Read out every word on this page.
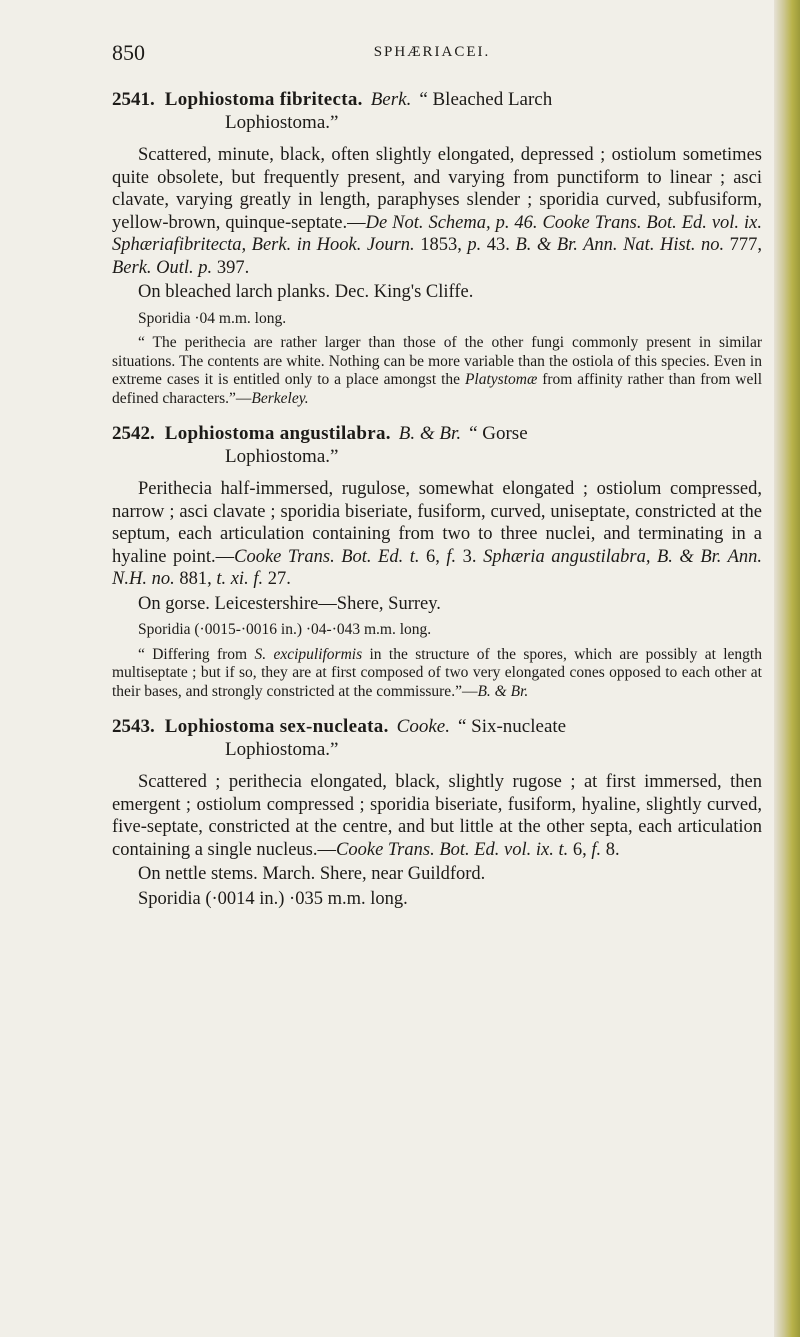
850	SPHÆRIACEI.
2541. Lophiostoma fibritecta. Berk. “ Bleached Larch
Lophiostoma.”

Scattered, minute, black, often slightly elongated, depressed ; ostiolum sometimes quite obsolete, but frequently present, and varying from punctiform to linear ; asci clavate, varying greatly in length, paraphyses slender ; sporidia curved, subfusiform, yellow-brown, quinque-septate.—De Not. Schema, p. 46. Cooke Trans. Bot. Ed. vol. ix. Sphæriafibritecta, Berk. in Hook. Journ. 1853, p. 43. B. & Br. Ann. Nat. Hist. no. 777, Berk. Outl. p. 397.

On bleached larch planks. Dec. King's Cliffe.

Sporidia ·04 m.m. long.

“ The perithecia are rather larger than those of the other fungi commonly present in similar situations. The contents are white. Nothing can be more variable than the ostiola of this species. Even in extreme cases it is entitled only to a place amongst the Platystomæ from affinity rather than from well defined characters.”—Berkeley.

2542. Lophiostoma angustilabra. B. & Br. “ Gorse
Lophiostoma.”

Perithecia half-immersed, rugulose, somewhat elongated ; ostiolum compressed, narrow ; asci clavate ; sporidia biseriate, fusiform, curved, uniseptate, constricted at the septum, each articulation containing from two to three nuclei, and terminating in a hyaline point.—Cooke Trans. Bot. Ed. t. 6, f. 3. Sphæria angustilabra, B. & Br. Ann. N.H. no. 881, t. xi. f. 27.

On gorse. Leicestershire—Shere, Surrey.

Sporidia (·0015-·0016 in.) ·04-·043 m.m. long.

“ Differing from S. excipuliformis in the structure of the spores, which are possibly at length multiseptate ; but if so, they are at first composed of two very elongated cones opposed to each other at their bases, and strongly constricted at the commissure.”—B. & Br.

2543. Lophiostoma sex-nucleata. Cooke. “ Six-nucleate
Lophiostoma.”

Scattered ; perithecia elongated, black, slightly rugose ; at first immersed, then emergent ; ostiolum compressed ; sporidia biseriate, fusiform, hyaline, slightly curved, five-septate, constricted at the centre, and but little at the other septa, each articulation containing a single nucleus.—Cooke Trans. Bot. Ed. vol. ix. t. 6, f. 8.

On nettle stems. March. Shere, near Guildford.

Sporidia (·0014 in.) ·035 m.m. long.
